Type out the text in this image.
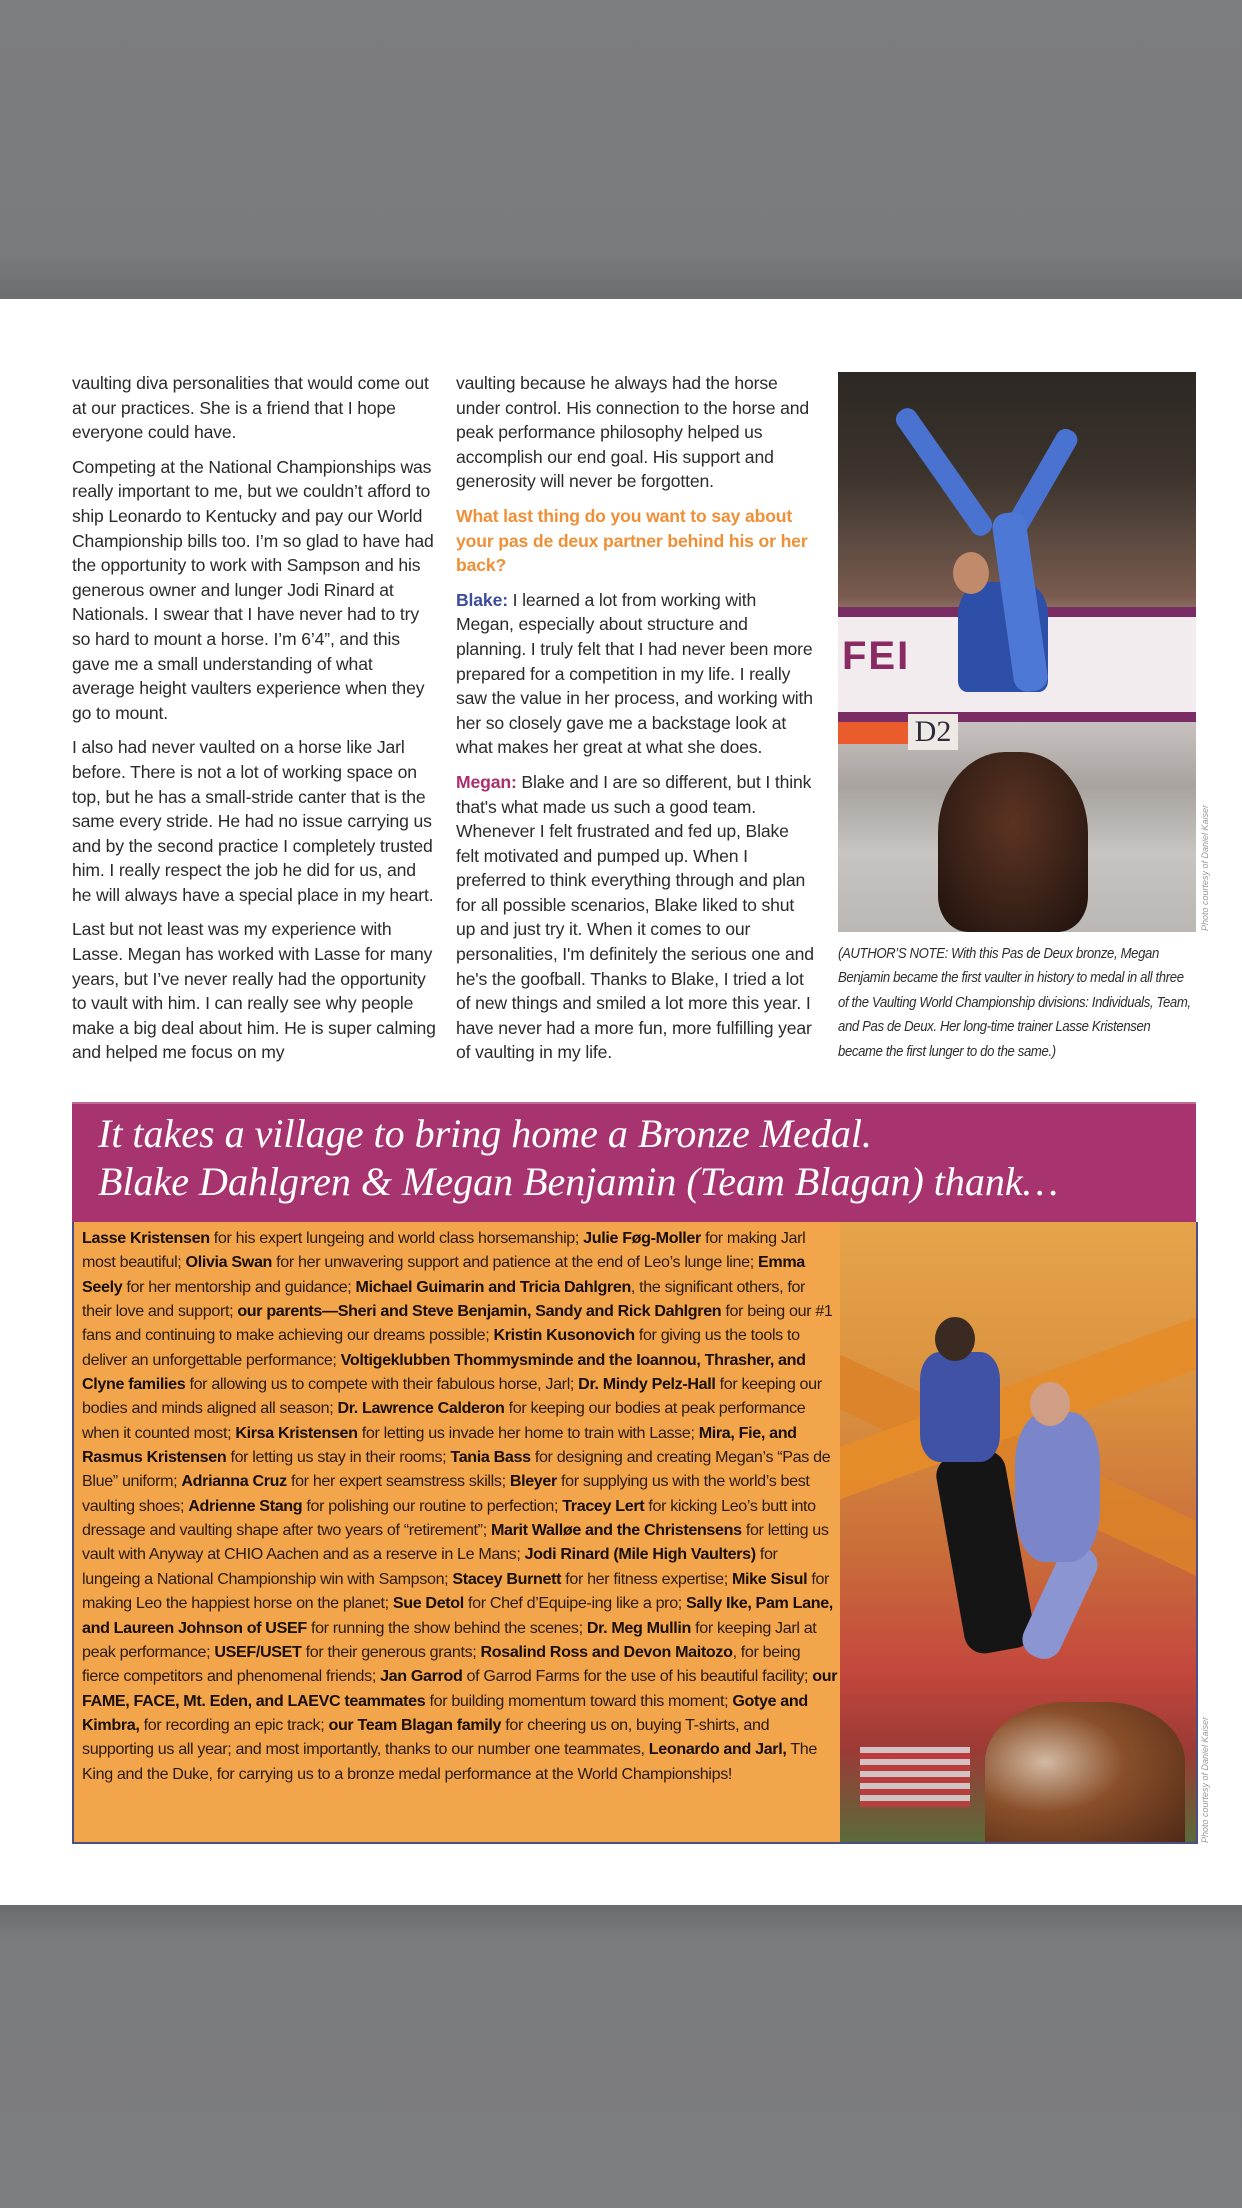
vaulting diva personalities that would come out at our practices. She is a friend that I hope everyone could have.

Competing at the National Championships was really important to me, but we couldn’t afford to ship Leonardo to Kentucky and pay our World Championship bills too. I’m so glad to have had the opportunity to work with Sampson and his generous owner and lunger Jodi Rinard at Nationals. I swear that I have never had to try so hard to mount a horse. I’m 6’4”, and this gave me a small understanding of what average height vaulters experience when they go to mount.

I also had never vaulted on a horse like Jarl before. There is not a lot of working space on top, but he has a small-stride canter that is the same every stride. He had no issue carrying us and by the second practice I completely trusted him. I really respect the job he did for us, and he will always have a special place in my heart.

Last but not least was my experience with Lasse. Megan has worked with Lasse for many years, but I’ve never really had the opportunity to vault with him. I can really see why people make a big deal about him. He is super calming and helped me focus on my

vaulting because he always had the horse under control. His connection to the horse and peak performance philosophy helped us accomplish our end goal. His support and generosity will never be forgotten.

What last thing do you want to say about your pas de deux partner behind his or her back?

Blake: I learned a lot from working with Megan, especially about structure and planning. I truly felt that I had never been more prepared for a competition in my life. I really saw the value in her process, and working with her so closely gave me a backstage look at what makes her great at what she does.

Megan: Blake and I are so different, but I think that's what made us such a good team. Whenever I felt frustrated and fed up, Blake felt motivated and pumped up. When I preferred to think everything through and plan for all possible scenarios, Blake liked to shut up and just try it. When it comes to our personalities, I'm definitely the serious one and he's the goofball. Thanks to Blake, I tried a lot of new things and smiled a lot more this year. I have never had a more fun, more fulfilling year of vaulting in my life.

FEI
D2
Photo courtesy of Daniel Kaiser
(AUTHOR’S NOTE: With this Pas de Deux bronze, Megan Benjamin became the first vaulter in history to medal in all three of the Vaulting World Championship divisions: Individuals, Team, and Pas de Deux. Her long-time trainer Lasse Kristensen became the first lunger to do the same.)
It takes a village to bring home a Bronze Medal.
Blake Dahlgren & Megan Benjamin (Team Blagan) thank…
Lasse Kristensen for his expert lungeing and world class horsemanship; Julie Føg-Moller for making Jarl most beautiful; Olivia Swan for her unwavering support and patience at the end of Leo’s lunge line; Emma Seely for her mentorship and guidance; Michael Guimarin and Tricia Dahlgren, the significant others, for their love and support; our parents—Sheri and Steve Benjamin, Sandy and Rick Dahlgren for being our #1 fans and continuing to make achieving our dreams possible; Kristin Kusonovich for giving us the tools to deliver an unforgettable performance; Voltigeklubben Thommysminde and the Ioannou, Thrasher, and Clyne families for allowing us to compete with their fabulous horse, Jarl; Dr. Mindy Pelz-Hall for keeping our bodies and minds aligned all season; Dr. Lawrence Calderon for keeping our bodies at peak performance when it counted most; Kirsa Kristensen for letting us invade her home to train with Lasse; Mira, Fie, and Rasmus Kristensen for letting us stay in their rooms; Tania Bass for designing and creating Megan’s “Pas de Blue” uniform; Adrianna Cruz for her expert seamstress skills; Bleyer for supplying us with the world’s best vaulting shoes; Adrienne Stang for polishing our routine to perfection; Tracey Lert for kicking Leo’s butt into dressage and vaulting shape after two years of “retirement”; Marit Walløe and the Christensens for letting us vault with Anyway at CHIO Aachen and as a reserve in Le Mans; Jodi Rinard (Mile High Vaulters) for lungeing a National Championship win with Sampson; Stacey Burnett for her fitness expertise; Mike Sisul for making Leo the happiest horse on the planet; Sue Detol for Chef d’Equipe-ing like a pro; Sally Ike, Pam Lane, and Laureen Johnson of USEF for running the show behind the scenes; Dr. Meg Mullin for keeping Jarl at peak performance; USEF/USET for their generous grants; Rosalind Ross and Devon Maitozo, for being fierce competitors and phenomenal friends; Jan Garrod of Garrod Farms for the use of his beautiful facility; our FAME, FACE, Mt. Eden, and LAEVC teammates for building momentum toward this moment; Gotye and Kimbra, for recording an epic track; our Team Blagan family for cheering us on, buying T-shirts, and supporting us all year; and most importantly, thanks to our number one teammates, Leonardo and Jarl, The King and the Duke, for carrying us to a bronze medal performance at the World Championships!	Photo courtesy of Daniel Kaiser
